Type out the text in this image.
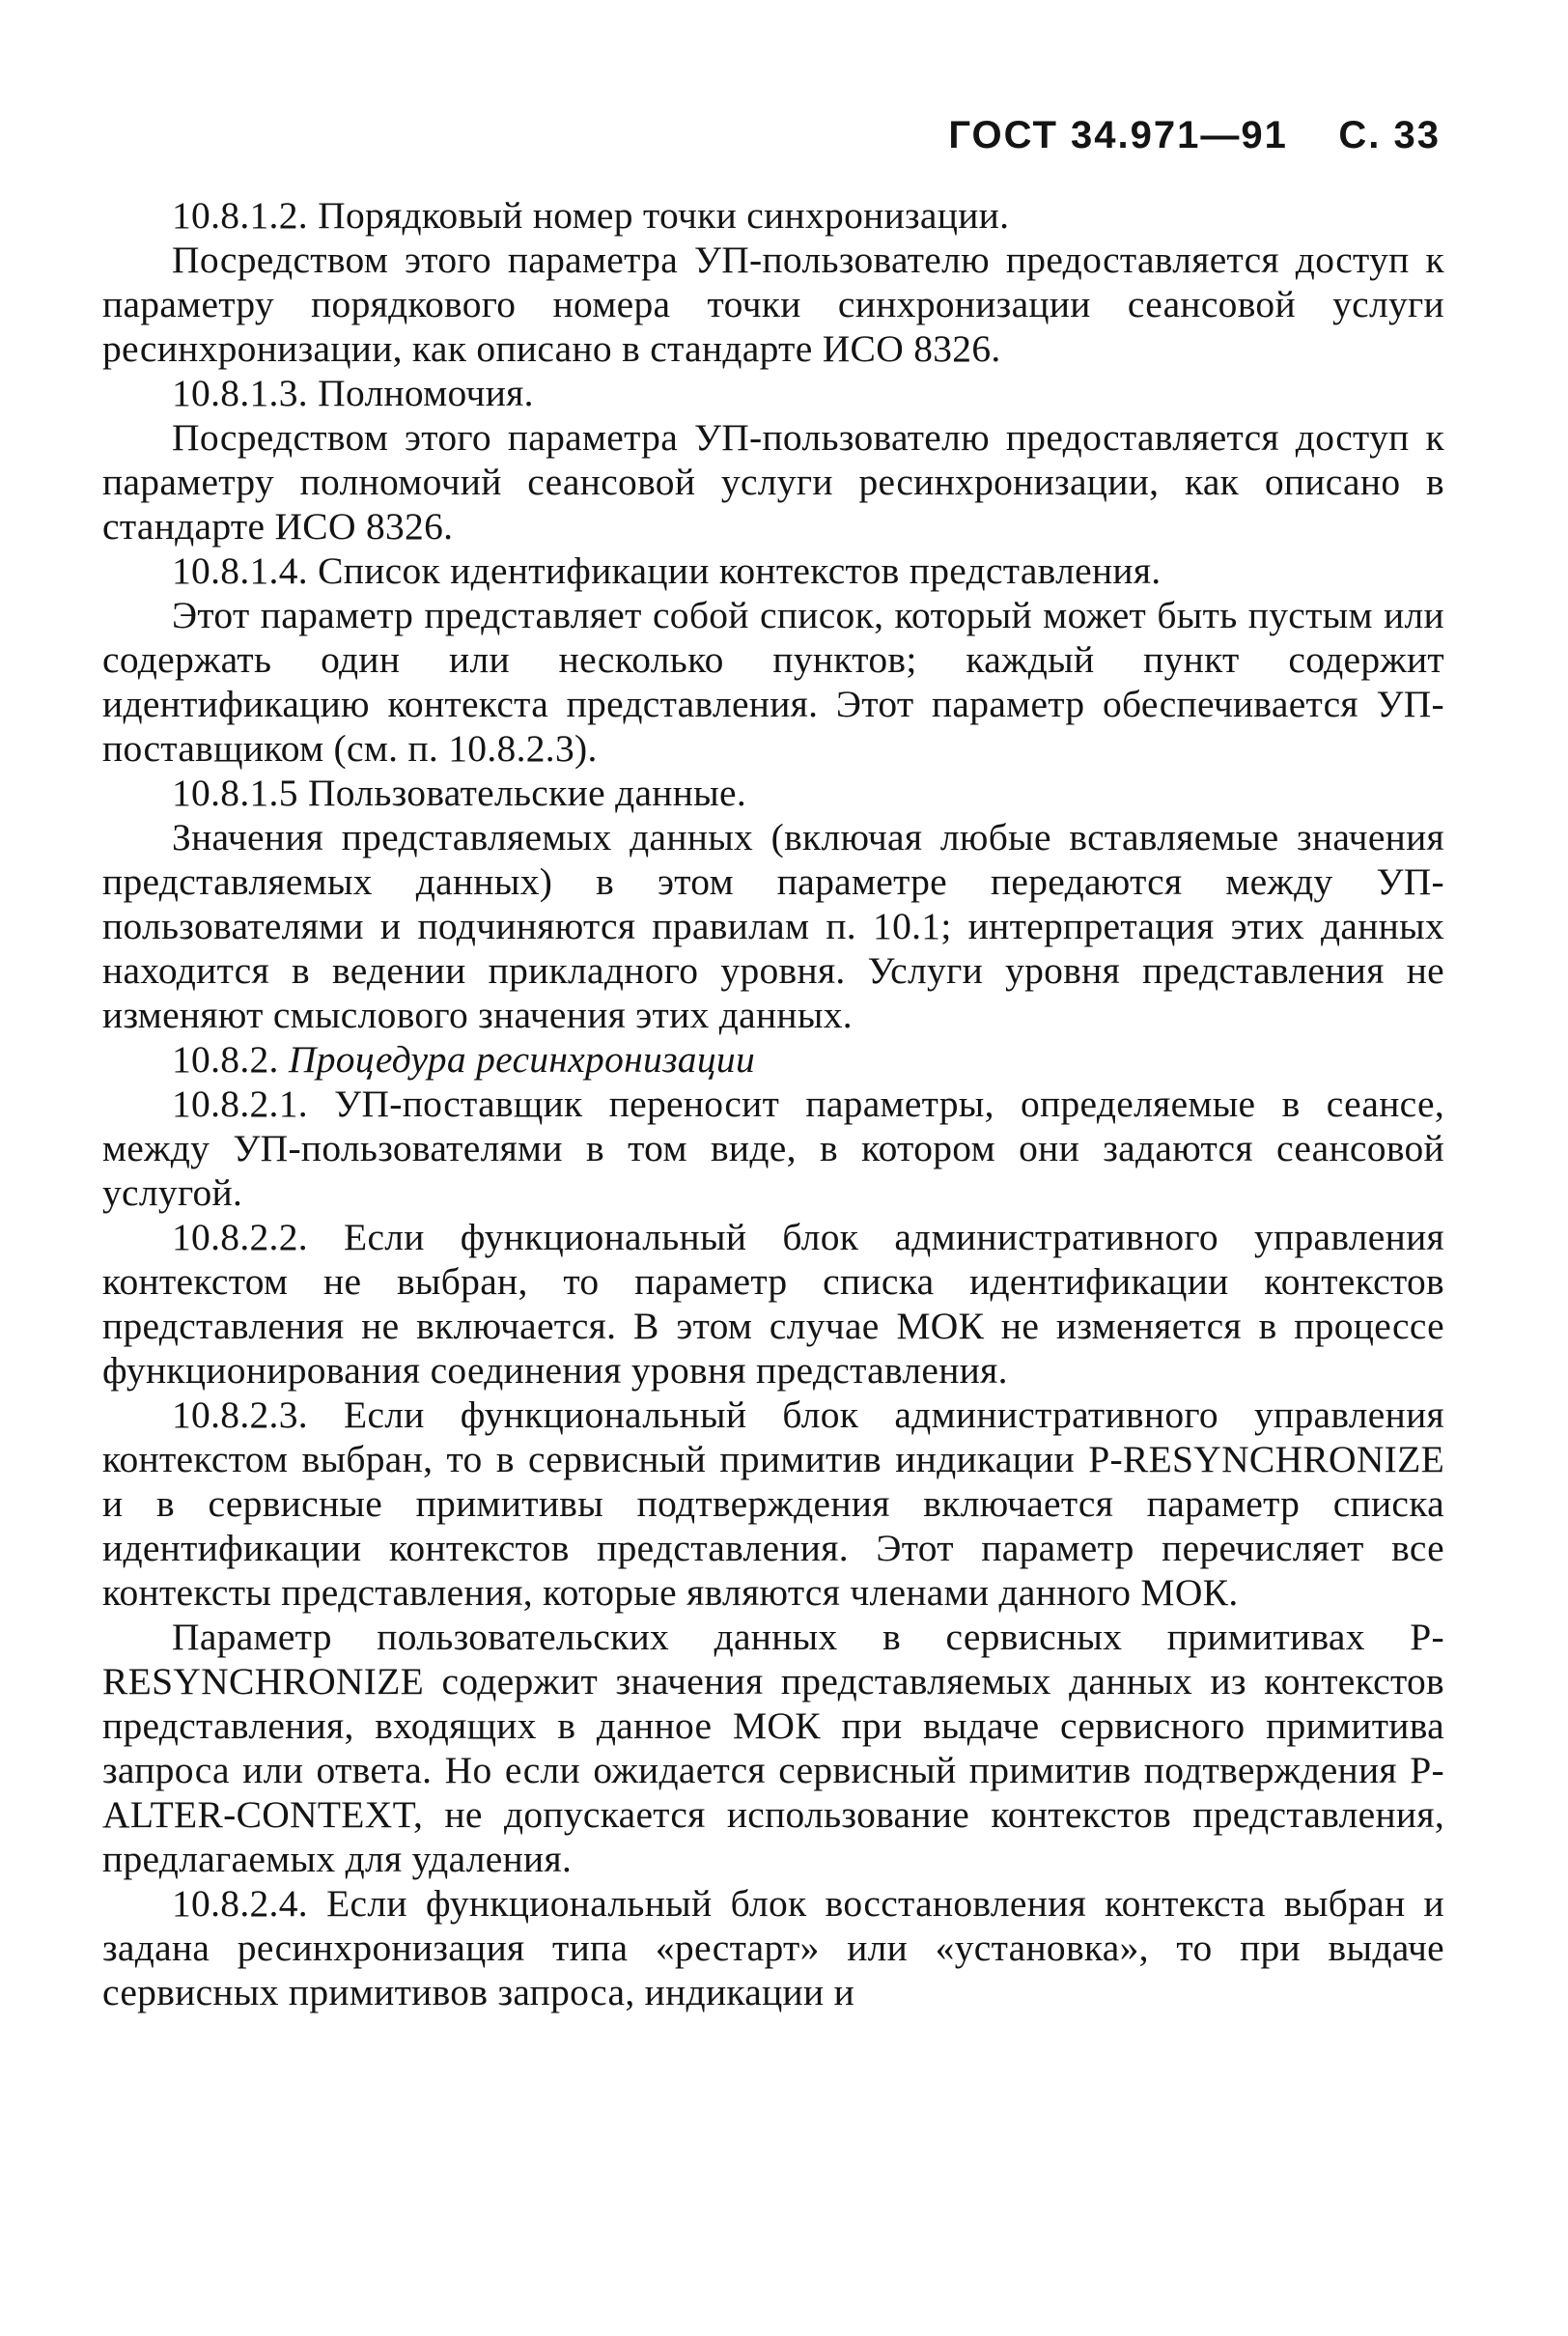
ГОСТ 34.971—91 С. 33

10.8.1.2. Порядковый номер точки синхронизации.

Посредством этого параметра УП-пользователю предоставляется доступ к параметру порядкового номера точки синхронизации сеансовой услуги ресинхронизации, как описано в стандарте ИСО 8326.

10.8.1.3. Полномочия.

Посредством этого параметра УП-пользователю предоставляется доступ к параметру полномочий сеансовой услуги ресинхронизации, как описано в стандарте ИСО 8326.

10.8.1.4. Список идентификации контекстов представления.

Этот параметр представляет собой список, который может быть пустым или содержать один или несколько пунктов; каждый пункт содержит идентификацию контекста представления. Этот параметр обеспечивается УП-поставщиком (см. п. 10.8.2.3).

10.8.1.5 Пользовательские данные.

Значения представляемых данных (включая любые вставляемые значения представляемых данных) в этом параметре передаются между УП-пользователями и подчиняются правилам п. 10.1; интерпретация этих данных находится в ведении прикладного уровня. Услуги уровня представления не изменяют смыслового значения этих данных.

10.8.2. Процедура ресинхронизации

10.8.2.1. УП-поставщик переносит параметры, определяемые в сеансе, между УП-пользователями в том виде, в котором они задаются сеансовой услугой.

10.8.2.2. Если функциональный блок административного управления контекстом не выбран, то параметр списка идентификации контекстов представления не включается. В этом случае МОК не изменяется в процессе функционирования соединения уровня представления.

10.8.2.3. Если функциональный блок административного управления контекстом выбран, то в сервисный примитив индикации P-RESYNCHRONIZE и в сервисные примитивы подтверждения включается параметр списка идентификации контекстов представления. Этот параметр перечисляет все контексты представления, которые являются членами данного МОК.

Параметр пользовательских данных в сервисных примитивах P-RESYNCHRONIZE содержит значения представляемых данных из контекстов представления, входящих в данное МОК при выдаче сервисного примитива запроса или ответа. Но если ожидается сервисный примитив подтверждения P-ALTER-CONTEXT, не допускается использование контекстов представления, предлагаемых для удаления.

10.8.2.4. Если функциональный блок восстановления контекста выбран и задана ресинхронизация типа «рестарт» или «установка», то при выдаче сервисных примитивов запроса, индикации и
